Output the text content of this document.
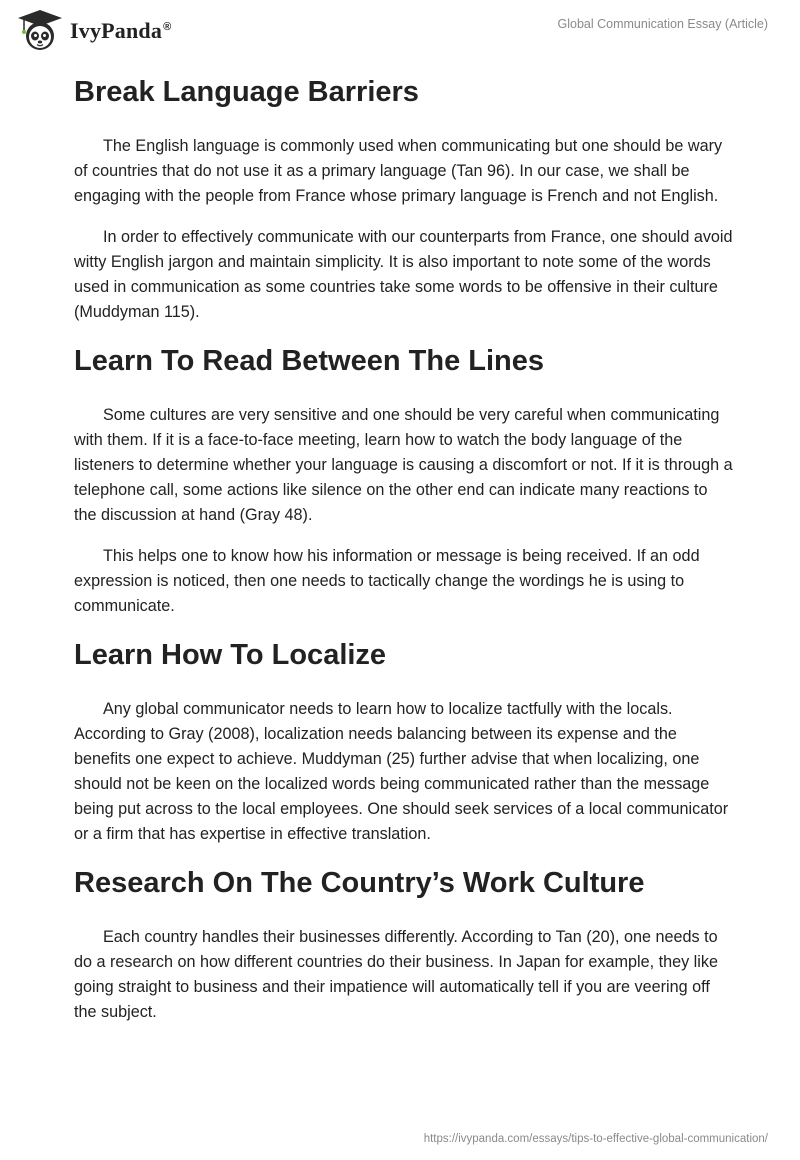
IvyPanda®	Global Communication Essay (Article)
Break Language Barriers

The English language is commonly used when communicating but one should be wary of countries that do not use it as a primary language (Tan 96). In our case, we shall be engaging with the people from France whose primary language is French and not English.

In order to effectively communicate with our counterparts from France, one should avoid witty English jargon and maintain simplicity. It is also important to note some of the words used in communication as some countries take some words to be offensive in their culture (Muddyman 115).

Learn To Read Between The Lines

Some cultures are very sensitive and one should be very careful when communicating with them. If it is a face-to-face meeting, learn how to watch the body language of the listeners to determine whether your language is causing a discomfort or not. If it is through a telephone call, some actions like silence on the other end can indicate many reactions to the discussion at hand (Gray 48).

This helps one to know how his information or message is being received. If an odd expression is noticed, then one needs to tactically change the wordings he is using to communicate.

Learn How To Localize

Any global communicator needs to learn how to localize tactfully with the locals. According to Gray (2008), localization needs balancing between its expense and the benefits one expect to achieve. Muddyman (25) further advise that when localizing, one should not be keen on the localized words being communicated rather than the message being put across to the local employees. One should seek services of a local communicator or a firm that has expertise in effective translation.

Research On The Country’s Work Culture

Each country handles their businesses differently. According to Tan (20), one needs to do a research on how different countries do their business. In Japan for example, they like going straight to business and their impatience will automatically tell if you are veering off the subject.

https://ivypanda.com/essays/tips-to-effective-global-communication/
